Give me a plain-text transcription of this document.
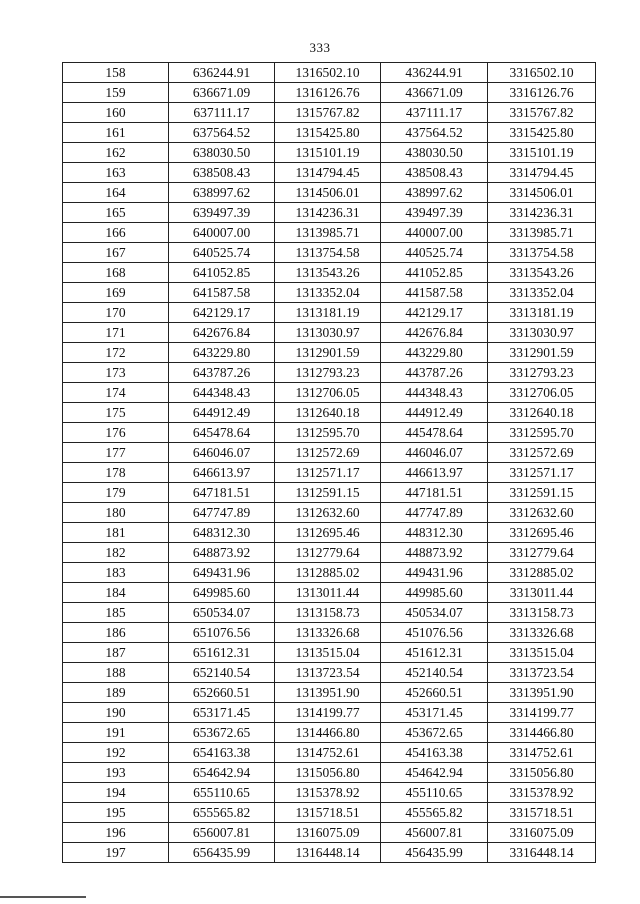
333
158	636244.91	1316502.10	436244.91	3316502.10
159	636671.09	1316126.76	436671.09	3316126.76
160	637111.17	1315767.82	437111.17	3315767.82
161	637564.52	1315425.80	437564.52	3315425.80
162	638030.50	1315101.19	438030.50	3315101.19
163	638508.43	1314794.45	438508.43	3314794.45
164	638997.62	1314506.01	438997.62	3314506.01
165	639497.39	1314236.31	439497.39	3314236.31
166	640007.00	1313985.71	440007.00	3313985.71
167	640525.74	1313754.58	440525.74	3313754.58
168	641052.85	1313543.26	441052.85	3313543.26
169	641587.58	1313352.04	441587.58	3313352.04
170	642129.17	1313181.19	442129.17	3313181.19
171	642676.84	1313030.97	442676.84	3313030.97
172	643229.80	1312901.59	443229.80	3312901.59
173	643787.26	1312793.23	443787.26	3312793.23
174	644348.43	1312706.05	444348.43	3312706.05
175	644912.49	1312640.18	444912.49	3312640.18
176	645478.64	1312595.70	445478.64	3312595.70
177	646046.07	1312572.69	446046.07	3312572.69
178	646613.97	1312571.17	446613.97	3312571.17
179	647181.51	1312591.15	447181.51	3312591.15
180	647747.89	1312632.60	447747.89	3312632.60
181	648312.30	1312695.46	448312.30	3312695.46
182	648873.92	1312779.64	448873.92	3312779.64
183	649431.96	1312885.02	449431.96	3312885.02
184	649985.60	1313011.44	449985.60	3313011.44
185	650534.07	1313158.73	450534.07	3313158.73
186	651076.56	1313326.68	451076.56	3313326.68
187	651612.31	1313515.04	451612.31	3313515.04
188	652140.54	1313723.54	452140.54	3313723.54
189	652660.51	1313951.90	452660.51	3313951.90
190	653171.45	1314199.77	453171.45	3314199.77
191	653672.65	1314466.80	453672.65	3314466.80
192	654163.38	1314752.61	454163.38	3314752.61
193	654642.94	1315056.80	454642.94	3315056.80
194	655110.65	1315378.92	455110.65	3315378.92
195	655565.82	1315718.51	455565.82	3315718.51
196	656007.81	1316075.09	456007.81	3316075.09
197	656435.99	1316448.14	456435.99	3316448.14
